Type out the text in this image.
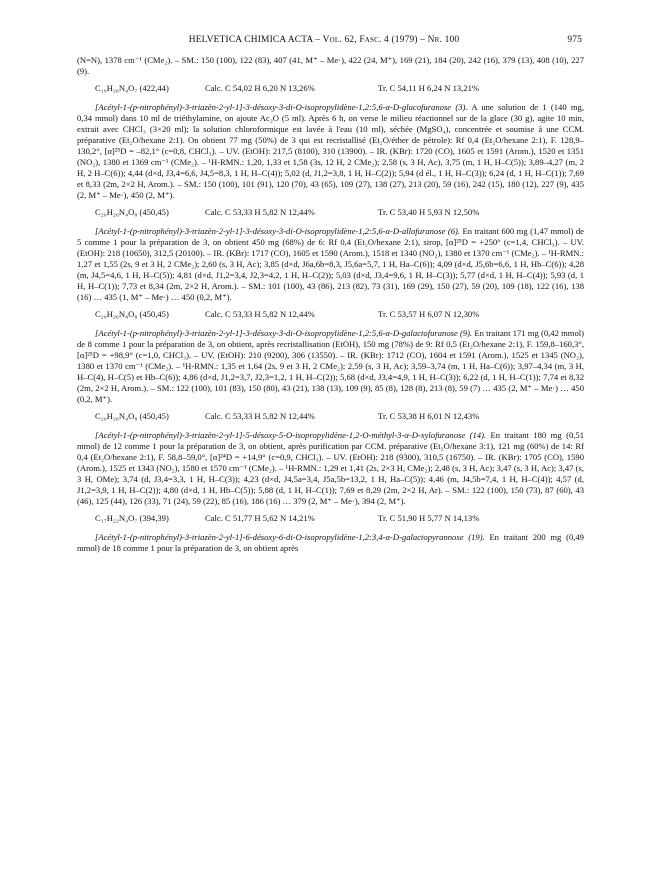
HELVETICA CHIMICA ACTA – Vol. 62, Fasc. 4 (1979) – Nr. 100	975

(N=N), 1378 cm⁻¹ (CMe₂). – SM.: 150 (100), 122 (83), 407 (41, M⁺ – Me·), 422 (24, M⁺), 169 (21), 184 (20), 242 (16), 379 (13), 408 (10), 227 (9).

C₁₉H₂₆N₄O₇ (422,44)	Calc. C 54,02 H 6,20 N 13,26%	Tr. C 54,11 H 6,24 N 13,21%

[Acétyl-1-(p-nitrophényl)-3-triazèn-2-yl-1]-3-désoxy-3-di-O-isopropylidène-1,2:5,6-α-D-glucofuranose (3). A une solution de 1 (140 mg, 0,34 mmol) dans 10 ml de triéthylamine, on ajoute Ac₂O (5 ml). Après 6 h, on verse le milieu réactionnel sur de la glace (30 g), agite 10 min, extrait avec CHCl₃ (3×20 ml); la solution chloroformique est lavée à l'eau (10 ml), séchée (MgSO₄), concentrée et soumise à une CCM. préparative (Et₂O/hexane 2:1). On obtient 77 mg (50%) de 3 qui est recristallisé (Et₂O/éther de pétrole): Rf 0,4 (Et₂O/hexane 2:1), F. 128,9–130,2°, [α]²⁵D = –82,1° (c=0,8, CHCl₃). – UV. (EtOH): 217,5 (8100), 310 (13900). – IR. (KBr): 1720 (CO), 1605 et 1591 (Arom.), 1520 et 1351 (NO₂), 1380 et 1369 cm⁻¹ (CMe₂). – ¹H-RMN.: 1,20, 1,33 et 1,58 (3s, 12 H, 2 CMe₂); 2,58 (s, 3 H, Ac), 3,75 (m, 1 H, H–C(5)); 3,89–4,27 (m, 2 H, 2 H–C(6)); 4,44 (d×d, J3,4=6,6, J4,5=8,3, 1 H, H–C(4)); 5,02 (d, J1,2=3,8, 1 H, H–C(2)); 5,94 (d él., 1 H, H–C(3)); 6,24 (d, 1 H, H–C(1)); 7,69 et 8,33 (2m, 2×2 H, Arom.). – SM.: 150 (100), 101 (91), 120 (70), 43 (65), 109 (27), 138 (27), 213 (20), 59 (16), 242 (15), 180 (12), 227 (9), 435 (2, M⁺ – Me·), 450 (2, M⁺).

C₂₀H₂₆N₄O₈ (450,45)	Calc. C 53,33 H 5,82 N 12,44%	Tr. C 53,40 H 5,93 N 12,50%

[Acétyl-1-(p-nitrophényl)-3-triazèn-2-yl-1]-3-désoxy-3-di-O-isopropylidène-1,2:5,6-α-D-allofuranose (6). En traitant 600 mg (1,47 mmol) de 5 comme 1 pour la préparation de 3, on obtient 450 mg (68%) de 6: Rf 0,4 (Et₂O/hexane 2:1), sirop, [α]²⁵D = +250° (c=1,4, CHCl₃). – UV. (EtOH): 218 (10650), 312,5 (20100). – IR. (KBr): 1717 (CO), 1605 et 1590 (Arom.), 1518 et 1340 (NO₂), 1380 et 1370 cm⁻¹ (CMe₂). – ¹H-RMN.: 1,27 et 1,55 (2s, 9 et 3 H, 2 CMe₂); 2,60 (s, 3 H, Ac); 3,85 (d×d, J6a,6b=8,3, J5,6a=5,7, 1 H, Ha–C(6)); 4,09 (d×d, J5,6b=6,6, 1 H, Hb–C(6)); 4,28 (m, J4,5=4,6, 1 H, H–C(5)); 4,81 (d×d, J1,2=3,4, J2,3=4,2, 1 H, H–C(2)); 5,03 (d×d, J3,4=9,6, 1 H, H–C(3)); 5,77 (d×d, 1 H, H–C(4)); 5,93 (d, 1 H, H–C(1)); 7,73 et 8,34 (2m, 2×2 H, Arom.). – SM.: 101 (100), 43 (86), 213 (82), 73 (31), 169 (29), 150 (27), 59 (20), 109 (18), 122 (16), 138 (16) … 435 (1, M⁺ – Me·) … 450 (0,2, M⁺).

C₂₀H₂₆N₄O₈ (450,45)	Calc. C 53,33 H 5,82 N 12,44%	Tr. C 53,57 H 6,07 N 12,30%

[Acétyl-1-(p-nitrophényl)-3-triazèn-2-yl-1]-3-désoxy-3-di-O-isopropylidène-1,2:5,6-α-D-galactofuranose (9). En traitant 171 mg (0,42 mmol) de 8 comme 1 pour la préparation de 3, on obtient, après recristallisation (EtOH), 150 mg (78%) de 9: Rf 0,5 (Et₂O/hexane 2:1), F. 159,8–160,3°, [α]²⁵D = +98,9° (c=1,0, CHCl₃). – UV. (EtOH): 210 (9200), 306 (13550). – IR. (KBr): 1712 (CO), 1604 et 1591 (Arom.), 1525 et 1345 (NO₂), 1380 et 1370 cm⁻¹ (CMe₂). – ¹H-RMN.: 1,35 et 1,64 (2s, 9 et 3 H, 2 CMe₂); 2,59 (s, 3 H, Ac); 3,59–3,74 (m, 1 H, Ha–C(6)); 3,97–4,34 (m, 3 H, H–C(4), H–C(5) et Hb–C(6)); 4,86 (d×d, J1,2=3,7, J2,3=1,2, 1 H, H–C(2)); 5,68 (d×d, J3,4=4,9, 1 H, H–C(3)); 6,22 (d, 1 H, H–C(1)); 7,74 et 8,32 (2m, 2×2 H, Arom.). – SM.: 122 (100), 101 (83), 150 (80), 43 (21), 138 (13), 109 (9), 85 (8), 128 (8), 213 (8), 59 (7) … 435 (2, M⁺ – Me·) … 450 (0,2, M⁺).

C₂₀H₂₆N₄O₈ (450,45)	Calc. C 53,33 H 5,82 N 12,44%	Tr. C 53,38 H 6,01 N 12,43%

[Acétyl-1-(p-nitrophényl)-3-triazèn-2-yl-1]-5-désoxy-5-O-isopropylidène-1,2-O-méthyl-3-α-D-xylofuranose (14). En traitant 180 mg (0,51 mmol) de 12 comme 1 pour la préparation de 3, on obtient, après purification par CCM. préparative (Et₂O/hexane 3:1), 121 mg (60%) de 14: Rf 0,4 (Et₂O/hexane 2:1), F. 58,8–59,0°, [α]²⁴D = +14,9° (c=0,9, CHCl₃). – UV. (EtOH): 218 (9300), 310,5 (16750). – IR. (KBr): 1705 (CO), 1590 (Arom.), 1525 et 1343 (NO₂), 1580 et 1570 cm⁻¹ (CMe₂). – ¹H-RMN.: 1,29 et 1,41 (2s, 2×3 H, CMe₂); 2,48 (s, 3 H, Ac); 3,47 (s, 3 H, Ac); 3,47 (s, 3 H, OMe); 3,74 (d, J3,4=3,3, 1 H, H–C(3)); 4,23 (d×d, J4,5a=3,4, J5a,5b=13,2, 1 H, Ha–C(5)); 4,46 (m, J4,5b=7,4, 1 H, H–C(4)); 4,57 (d, J1,2=3,9, 1 H, H–C(2)); 4,80 (d×d, 1 H, Hb–C(5)); 5,88 (d, 1 H, H–C(1)); 7,69 et 8,29 (2m, 2×2 H, Ar). – SM.: 122 (100), 150 (73), 87 (60), 43 (46), 125 (44), 126 (33), 71 (24), 59 (22), 85 (16), 186 (16) … 379 (2, M⁺ – Me·), 394 (2, M⁺).

C₁₇H₂₂N₄O₇ (394,39)	Calc. C 51,77 H 5,62 N 14,21%	Tr. C 51,90 H 5,77 N 14,13%

[Acétyl-1-(p-nitrophényl)-3-triazèn-2-yl-1]-6-désoxy-6-di-O-isopropylidène-1,2:3,4-α-D-galactopyrannose (19). En traitant 200 mg (0,49 mmol) de 18 comme 1 pour la préparation de 3, on obtient après
